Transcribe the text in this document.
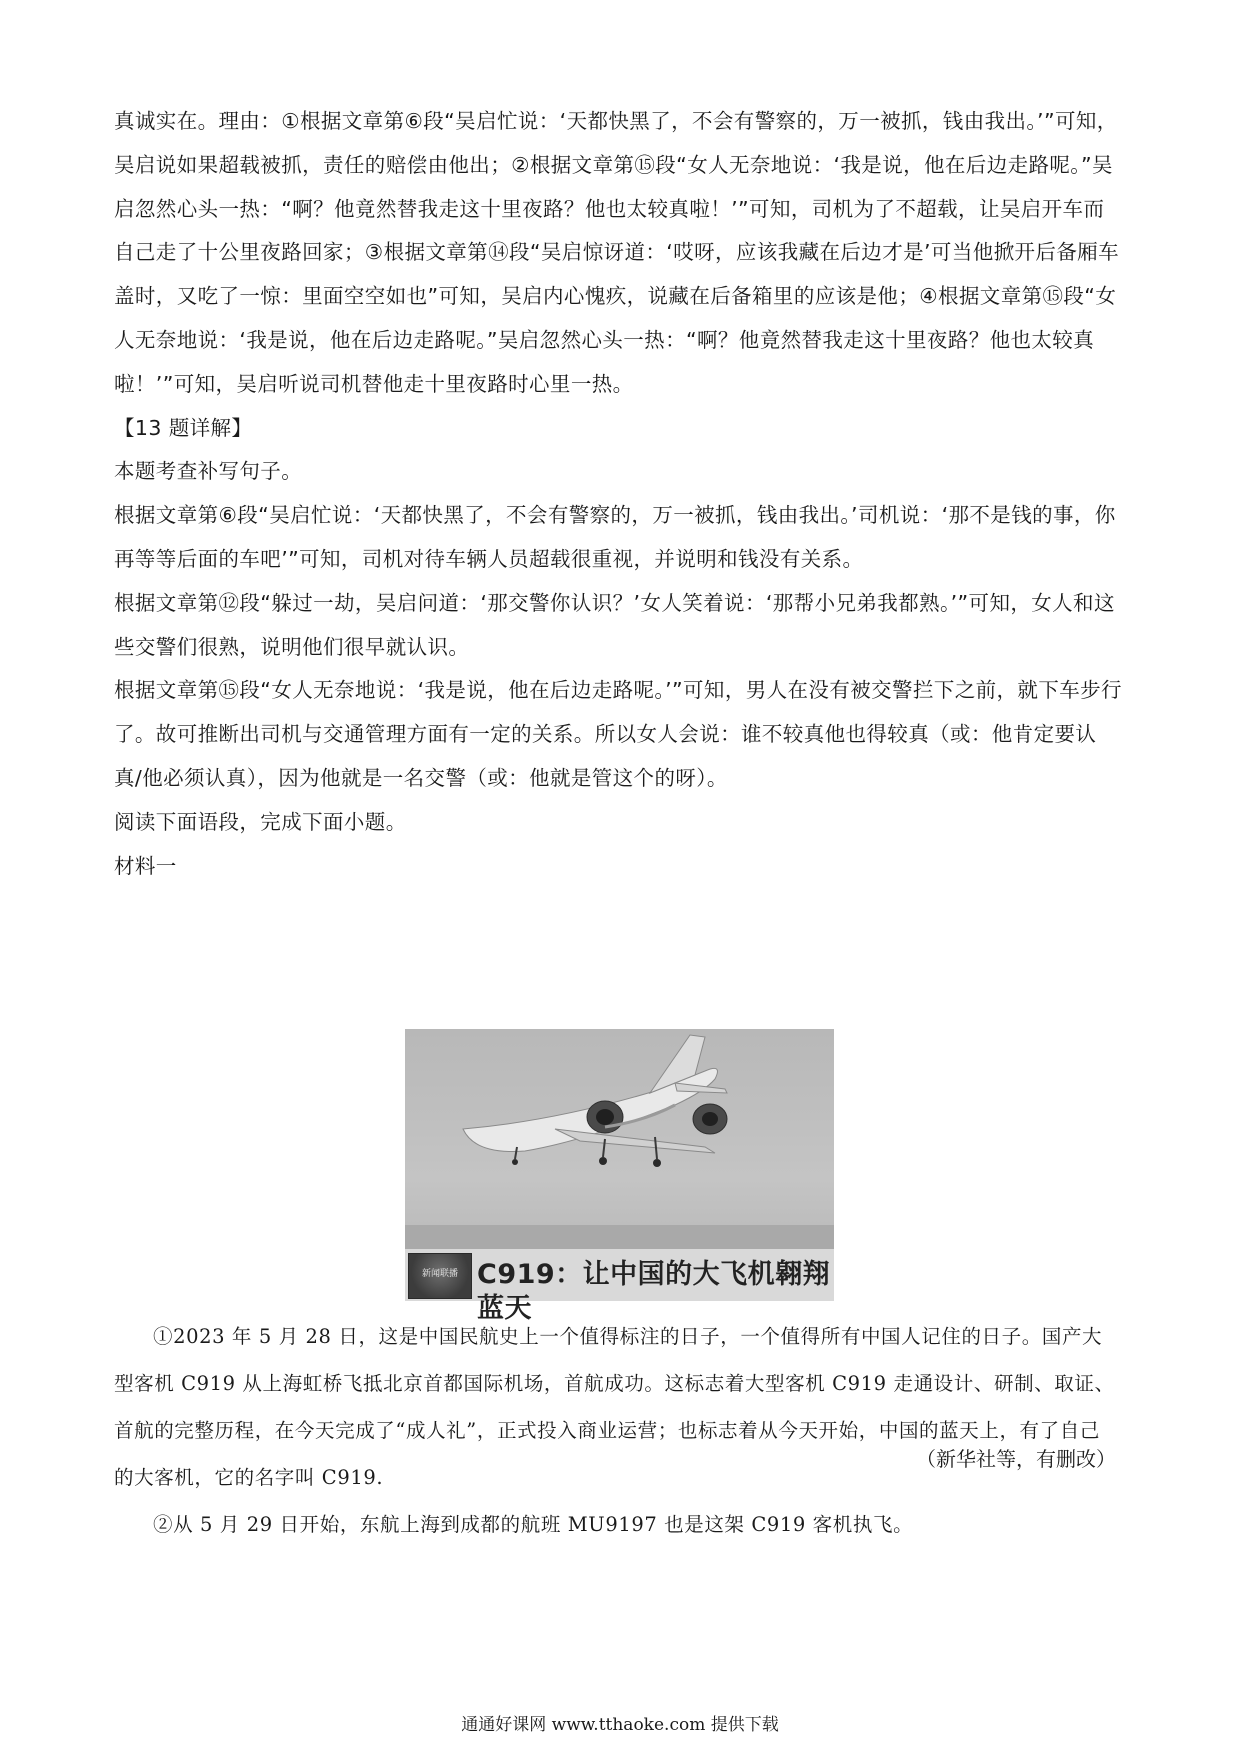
真诚实在。理由：①根据文章第⑥段“吴启忙说：‘天都快黑了，不会有警察的，万一被抓，钱由我出。’”可知，吴启说如果超载被抓，责任的赔偿由他出；②根据文章第⑮段“女人无奈地说：‘我是说，他在后边走路呢。”吴启忽然心头一热：“啊？他竟然替我走这十里夜路？他也太较真啦！’”可知，司机为了不超载，让吴启开车而自己走了十公里夜路回家；③根据文章第⑭段“吴启惊讶道：‘哎呀，应该我藏在后边才是’可当他掀开后备厢车盖时，又吃了一惊：里面空空如也”可知，吴启内心愧疚，说藏在后备箱里的应该是他；④根据文章第⑮段“女人无奈地说：‘我是说，他在后边走路呢。”吴启忽然心头一热：“啊？他竟然替我走这十里夜路？他也太较真啦！’”可知，吴启听说司机替他走十里夜路时心里一热。

【13 题详解】

本题考查补写句子。

根据文章第⑥段“吴启忙说：‘天都快黑了，不会有警察的，万一被抓，钱由我出。’司机说：‘那不是钱的事，你再等等后面的车吧’”可知，司机对待车辆人员超载很重视，并说明和钱没有关系。

根据文章第⑫段“躲过一劫，吴启问道：‘那交警你认识？’女人笑着说：‘那帮小兄弟我都熟。’”可知，女人和这些交警们很熟，说明他们很早就认识。

根据文章第⑮段“女人无奈地说：‘我是说，他在后边走路呢。’”可知，男人在没有被交警拦下之前，就下车步行了。故可推断出司机与交通管理方面有一定的关系。所以女人会说：谁不较真他也得较真（或：他肯定要认真/他必须认真），因为他就是一名交警（或：他就是管这个的呀）。

阅读下面语段，完成下面小题。

材料一

新闻联播 C919：让中国的大飞机翱翔蓝天

①2023 年 5 月 28 日，这是中国民航史上一个值得标注的日子，一个值得所有中国人记住的日子。国产大型客机 C919 从上海虹桥飞抵北京首都国际机场，首航成功。这标志着大型客机 C919 走通设计、研制、取证、首航的完整历程，在今天完成了“成人礼”，正式投入商业运营；也标志着从今天开始，中国的蓝天上，有了自己的大客机，它的名字叫 C919.

②从 5 月 29 日开始，东航上海到成都的航班 MU9197 也是这架 C919 客机执飞。

（新华社等，有删改）
通通好课网 www.tthaoke.com 提供下载
